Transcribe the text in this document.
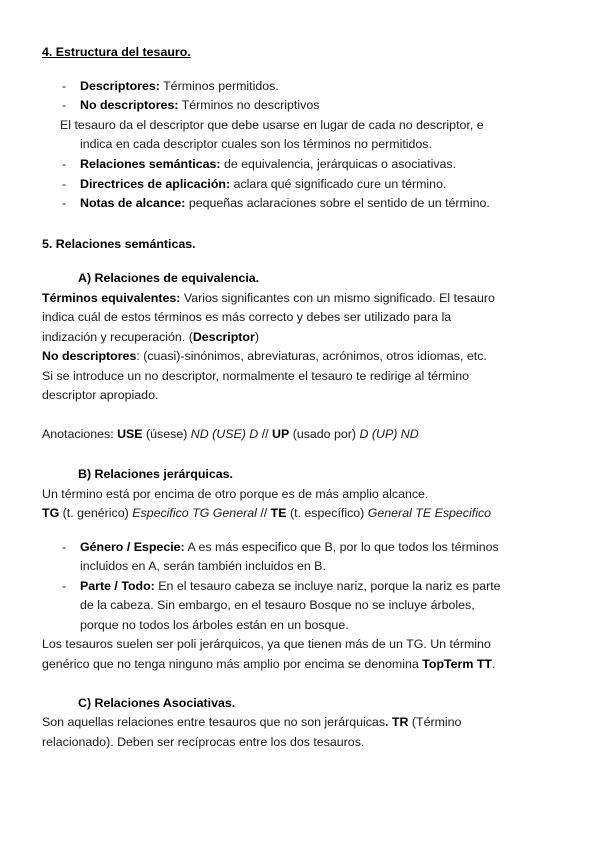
4. Estructura del tesauro.
- Descriptores: Términos permitidos.
- No descriptores: Términos no descriptivos
El tesauro da el descriptor que debe usarse en lugar de cada no descriptor, e
indica en cada descriptor cuales son los términos no permitidos.
- Relaciones semánticas: de equivalencia, jerárquicas o asociativas.
- Directrices de aplicación: aclara qué significado cure un término.
- Notas de alcance: pequeñas aclaraciones sobre el sentido de un término.
5. Relaciones semánticas.
A) Relaciones de equivalencia.
Términos equivalentes: Varios significantes con un mismo significado. El tesauro
indica cuál de estos términos es más correcto y debes ser utilizado para la
indización y recuperación. (Descriptor)
No descriptores: (cuasi)-sinónimos, abreviaturas, acrónimos, otros idiomas, etc.
Si se introduce un no descriptor, normalmente el tesauro te redirige al término
descriptor apropiado.
Anotaciones: USE (úsese) ND (USE) D // UP (usado por) D (UP) ND
B) Relaciones jerárquicas.
Un término está por encima de otro porque es de más amplio alcance.
TG (t. genérico) Especifico TG General // TE (t. específico) General TE Especifico
- Género / Especie: A es más especifico que B, por lo que todos los términos
incluidos en A, serán también incluidos en B.
- Parte / Todo: En el tesauro cabeza se incluye nariz, porque la nariz es parte
de la cabeza. Sin embargo, en el tesauro Bosque no se incluye árboles,
porque no todos los árboles están en un bosque.
Los tesauros suelen ser poli jerárquicos, ya que tienen más de un TG. Un término
genérico que no tenga ninguno más amplio por encima se denomina TopTerm TT.
C) Relaciones Asociativas.
Son aquellas relaciones entre tesauros que no son jerárquicas. TR (Término
relacionado). Deben ser recíprocas entre los dos tesauros.
